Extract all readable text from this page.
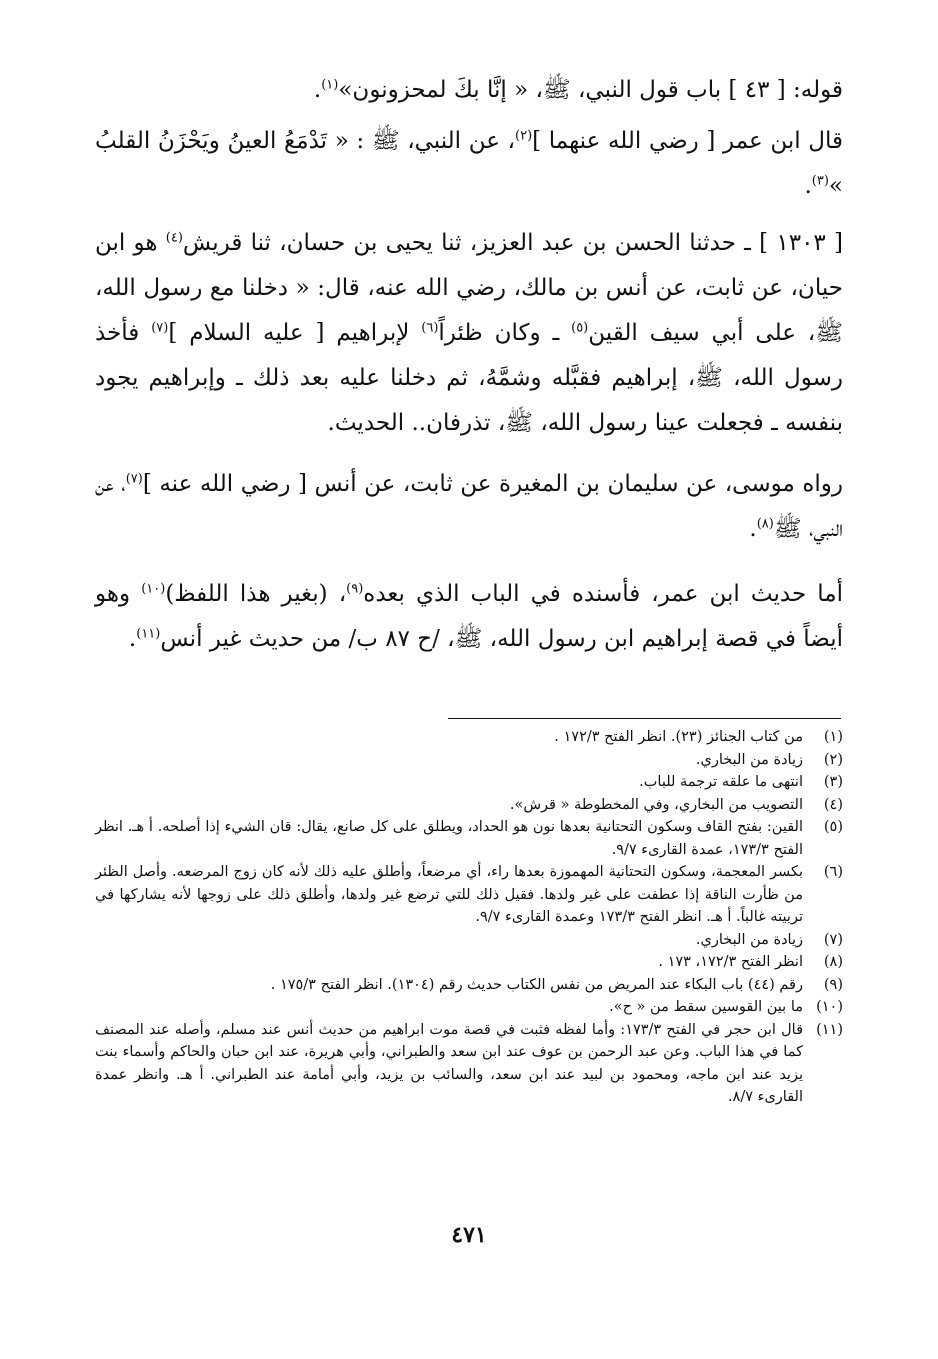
قوله: [ ٤٣ ] باب قول النبي، ﷺ، « إنَّا بكَ لمحزونون»$^{(١)}$.

قال ابن عمر [ رضي الله عنهما ]$^{(٢)}$، عن النبي، ﷺ : « تَدْمَعُ العينُ ويَحْزَنُ القلبُ »$^{(٣)}$.

[ ١٣٠٣ ] ـ حدثنا الحسن بن عبد العزيز، ثنا يحيى بن حسان، ثنا قريش$^{(٤)}$ هو ابن حيان، عن ثابت، عن أنس بن مالك، رضي الله عنه، قال: « دخلنا مع رسول الله، ﷺ، على أبي سيف القين$^{(٥)}$ ـ وكان ظئراً$^{(٦)}$ لإبراهيم [ عليه السلام ]$^{(٧)}$ فأخذ رسول الله، ﷺ، إبراهيم فقبَّله وشمَّهُ، ثم دخلنا عليه بعد ذلك ـ وإبراهيم يجود بنفسه ـ فجعلت عينا رسول الله، ﷺ، تذرفان.. الحديث.

رواه موسى، عن سليمان بن المغيرة عن ثابت، عن أنس [ رضي الله عنه ]$^{(٧)}$، عن النبي، ﷺ$^{(٨)}$.

أما حديث ابن عمر، فأسنده في الباب الذي بعده$^{(٩)}$، (بغير هذا اللفظ)$^{(١٠)}$ وهو أيضاً في قصة إبراهيم ابن رسول الله، ﷺ، /ح ٨٧ ب/ من حديث غير أنس$^{(١١)}$.

(١)
من كتاب الجنائز (٢٣). انظر الفتح ١٧٢/٣ .
(٢)
زيادة من البخاري.
(٣)
انتهى ما علقه ترجمة للباب.
(٤)
التصويب من البخاري، وفي المخطوطة « قرش».
(٥)
القين: بفتح القاف وسكون التحتانية بعدها نون هو الحداد، ويطلق على كل صانع، يقال: قان الشيء إذا أصلحه. أ هـ. انظر الفتح ١٧٣/٣، عمدة القارىء ٩/٧.
(٦)
بكسر المعجمة، وسكون التحتانية المهموزة بعدها راء، أي مرضعاً، وأطلق عليه ذلك لأنه كان زوج المرضعه. وأصل الظئر من ظأرت الناقة إذا عطفت على غير ولدها. فقيل ذلك للتي ترضع غير ولدها، وأطلق ذلك على زوجها لأنه يشاركها في تربيته غالباً. أ هـ. انظر الفتح ١٧٣/٣ وعمدة القارىء ٩/٧.
(٧)
زيادة من البخاري.
(٨)
انظر الفتح ١٧٢/٣، ١٧٣ .
(٩)
رقم (٤٤) باب البكاء عند المريض من نفس الكتاب حديث رقم (١٣٠٤). انظر الفتح ١٧٥/٣ .
(١٠)
ما بين القوسين سقط من « ح».
(١١)
قال ابن حجر في الفتح ١٧٣/٣: وأما لفظه فثبت في قصة موت ابراهيم من حديث أنس عند مسلم، وأصله عند المصنف كما في هذا الباب. وعن عبد الرحمن بن عوف عند ابن سعد والطبراني، وأبي هريرة، عند ابن حبان والحاكم وأسماء بنت يزيد عند ابن ماجه، ومحمود بن لبيد عند ابن سعد، والسائب بن يزيد، وأبي أمامة عند الطبراني. أ هـ. وانظر عمدة القارىء ٨/٧.
٤٧١
